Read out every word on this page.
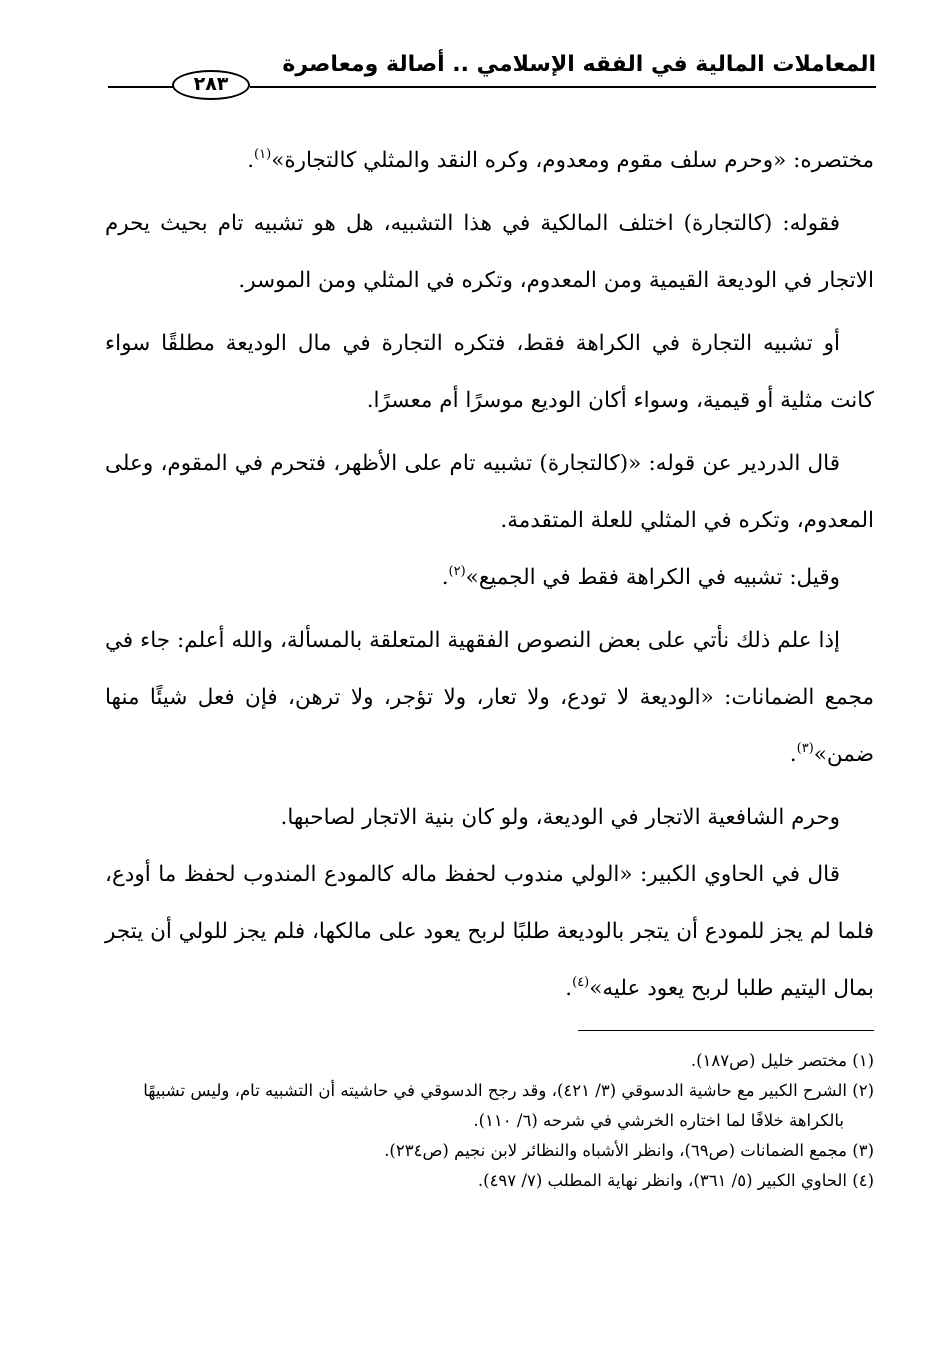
المعاملات المالية في الفقه الإسلامي .. أصالة ومعاصرة
٢٨٣

مختصره: «وحرم سلف مقوم ومعدوم، وكره النقد والمثلي كالتجارة»$^{(١)}$.

فقوله: (كالتجارة) اختلف المالكية في هذا التشبيه، هل هو تشبيه تام بحيث يحرم الاتجار في الوديعة القيمية ومن المعدوم، وتكره في المثلي ومن الموسر.

أو تشبيه التجارة في الكراهة فقط، فتكره التجارة في مال الوديعة مطلقًا سواء كانت مثلية أو قيمية، وسواء أكان الوديع موسرًا أم معسرًا.

قال الدردير عن قوله: «(كالتجارة) تشبيه تام على الأظهر، فتحرم في المقوم، وعلى المعدوم، وتكره في المثلي للعلة المتقدمة.

وقيل: تشبيه في الكراهة فقط في الجميع»$^{(٢)}$.

إذا علم ذلك نأتي على بعض النصوص الفقهية المتعلقة بالمسألة، والله أعلم: جاء في مجمع الضمانات: «الوديعة لا تودع، ولا تعار، ولا تؤجر، ولا ترهن، فإن فعل شيئًا منها ضمن»$^{(٣)}$.

وحرم الشافعية الاتجار في الوديعة، ولو كان بنية الاتجار لصاحبها.

قال في الحاوي الكبير: «الولي مندوب لحفظ ماله كالمودع المندوب لحفظ ما أودع، فلما لم يجز للمودع أن يتجر بالوديعة طلبًا لربح يعود على مالكها، فلم يجز للولي أن يتجر بمال اليتيم طلبا لربح يعود عليه»$^{(٤)}$.

(١) مختصر خليل (ص١٨٧).

(٢) الشرح الكبير مع حاشية الدسوقي (٣/ ٤٢١)، وقد رجح الدسوقي في حاشيته أن التشبيه تام، وليس تشبيهًا بالكراهة خلافًا لما اختاره الخرشي في شرحه (٦/ ١١٠).

(٣) مجمع الضمانات (ص٦٩)، وانظر الأشباه والنظائر لابن نجيم (ص٢٣٤).

(٤) الحاوي الكبير (٥/ ٣٦١)، وانظر نهاية المطلب (٧/ ٤٩٧).
